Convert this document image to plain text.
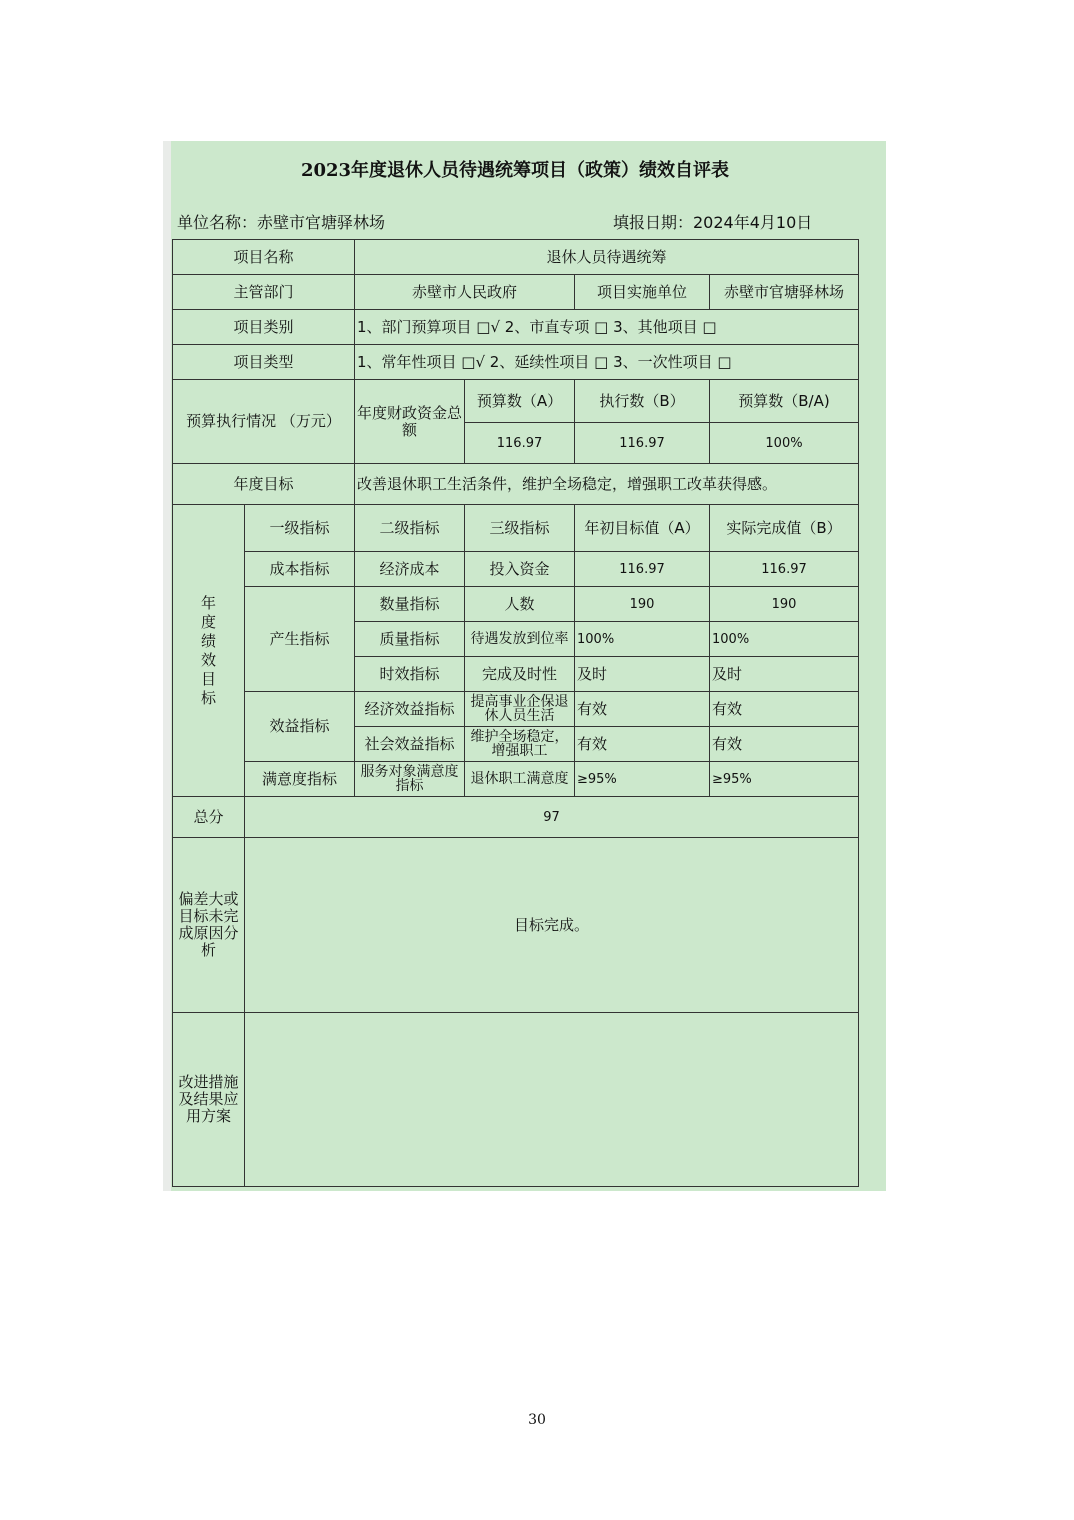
2023年度退休人员待遇统筹项目（政策）绩效自评表
单位名称：赤壁市官塘驿林场	填报日期：2024年4月10日
项目名称		退休人员待遇统筹			
主管部门		赤壁市人民政府		项目实施单位	赤壁市官塘驿林场
项目类别		1、部门预算项目 □√ 2、市直专项 □ 3、其他项目 □			
项目类型		1、常年性项目 □√ 2、延续性项目 □ 3、一次性项目 □			
预算执行情况 （万元）		年度财政资金总额	预算数（A）	执行数（B）	预算数（B/A)
			116.97	116.97	100%
年度目标		改善退休职工生活条件，维护全场稳定，增强职工改革获得感。			
年度绩效目标	一级指标	二级指标	三级指标	年初目标值（A）	实际完成值（B）
	成本指标	经济成本	投入资金	116.97	116.97
	产生指标	数量指标	人数	190	190
		质量指标	待遇发放到位率	100%	100%
		时效指标	完成及时性	及时	及时
	效益指标	经济效益指标	提高事业企保退休人员生活	有效	有效
		社会效益指标	维护全场稳定，增强职工	有效	有效
	满意度指标	服务对象满意度指标	退休职工满意度	≥95%	≥95%
总分	97				
偏差大或目标未完成原因分析	目标完成。				
改进措施及结果应用方案					
30
